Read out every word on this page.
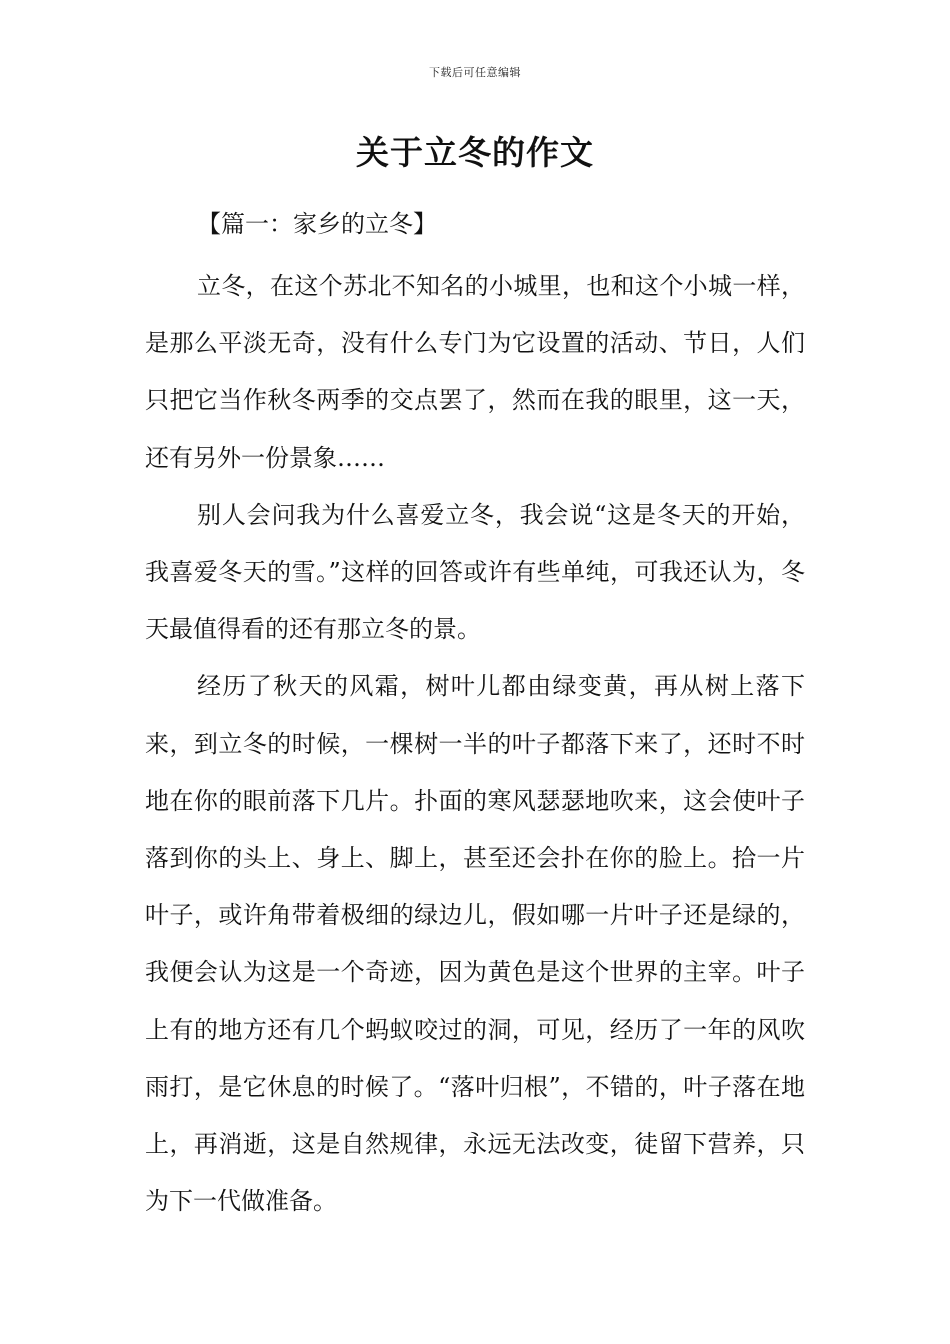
下载后可任意编辑
关于立冬的作文
【篇一：家乡的立冬】

立冬，在这个苏北不知名的小城里，也和这个小城一样，是那么平淡无奇，没有什么专门为它设置的活动、节日，人们只把它当作秋冬两季的交点罢了，然而在我的眼里，这一天，还有另外一份景象……

别人会问我为什么喜爱立冬，我会说“这是冬天的开始，我喜爱冬天的雪。”这样的回答或许有些单纯，可我还认为，冬天最值得看的还有那立冬的景。

经历了秋天的风霜，树叶儿都由绿变黄，再从树上落下来，到立冬的时候，一棵树一半的叶子都落下来了，还时不时地在你的眼前落下几片。扑面的寒风瑟瑟地吹来，这会使叶子落到你的头上、身上、脚上，甚至还会扑在你的脸上。拾一片叶子，或许角带着极细的绿边儿，假如哪一片叶子还是绿的，我便会认为这是一个奇迹，因为黄色是这个世界的主宰。叶子上有的地方还有几个蚂蚁咬过的洞，可见，经历了一年的风吹雨打，是它休息的时候了。“落叶归根”，不错的，叶子落在地上，再消逝，这是自然规律，永远无法改变，徒留下营养，只为下一代做准备。
